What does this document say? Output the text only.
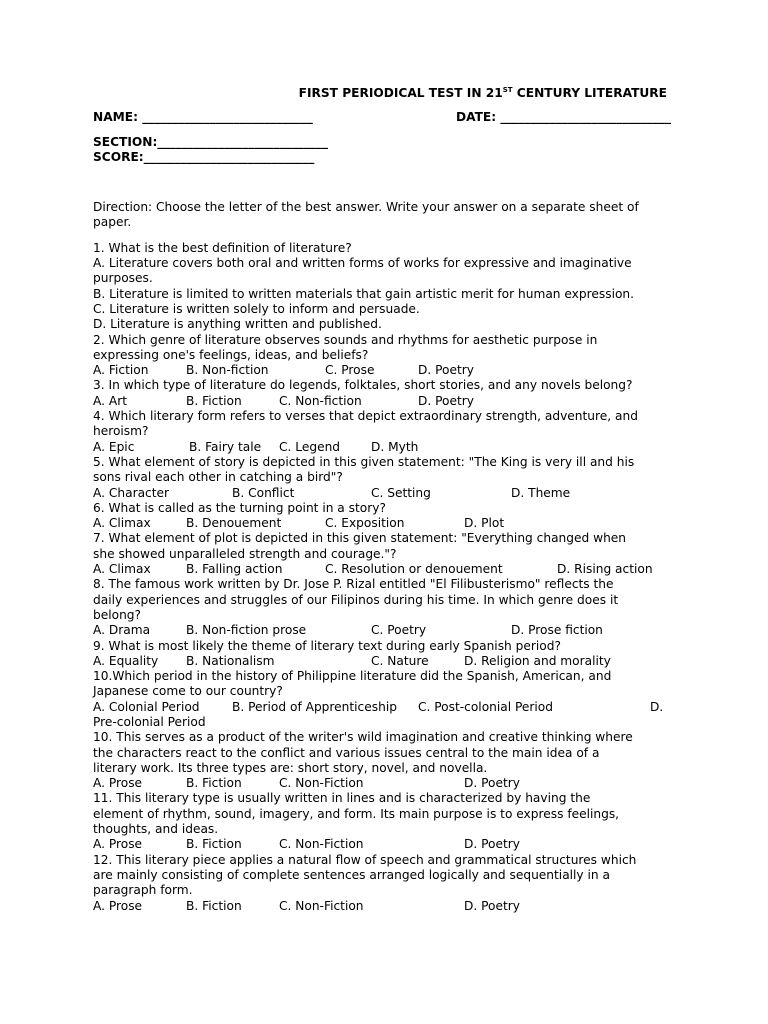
FIRST PERIODICAL TEST IN 21ST CENTURY LITERATURE
NAME: ____________________________	DATE: ____________________________
SECTION:____________________________
SCORE:____________________________
Direction: Choose the letter of the best answer. Write your answer on a separate sheet of paper.
1. What is the best definition of literature?
A. Literature covers both oral and written forms of works for expressive and imaginative purposes.
B. Literature is limited to written materials that gain artistic merit for human expression.
C. Literature is written solely to inform and persuade.
D. Literature is anything written and published.
2. Which genre of literature observes sounds and rhythms for aesthetic purpose in
expressing one's feelings, ideas, and beliefs?
A. Fiction	B. Non-fiction	C. Prose	D. Poetry
3. In which type of literature do legends, folktales, short stories, and any novels belong?
A. Art	B. Fiction	C. Non-fiction	D. Poetry
4. Which literary form refers to verses that depict extraordinary strength, adventure, and
heroism?
A. Epic	B. Fairy tale C. Legend	D. Myth
5. What element of story is depicted in this given statement: "The King is very ill and his
sons rival each other in catching a bird"?
A. Character	B. Conflict	C. Setting	D. Theme
6. What is called as the turning point in a story?
A. Climax	B. Denouement	C. Exposition	D. Plot
7. What element of plot is depicted in this given statement: "Everything changed when
she showed unparalleled strength and courage."?
A. Climax	B. Falling action	C. Resolution or denouement	D. Rising action
8. The famous work written by Dr. Jose P. Rizal entitled "El Filibusterismo" reflects the
daily experiences and struggles of our Filipinos during his time. In which genre does it
belong?
A. Drama	B. Non-fiction prose	C. Poetry	D. Prose fiction
9. What is most likely the theme of literary text during early Spanish period?
A. Equality B. Nationalism	C. Nature	D. Religion and morality
10.Which period in the history of Philippine literature did the Spanish, American, and
Japanese come to our country?
A. Colonial Period	B. Period of Apprenticeship C. Post-colonial Period	D.
Pre-colonial Period
10. This serves as a product of the writer's wild imagination and creative thinking where
the characters react to the conflict and various issues central to the main idea of a
literary work. Its three types are: short story, novel, and novella.
A. Prose	B. Fiction	C. Non-Fiction	D. Poetry
11. This literary type is usually written in lines and is characterized by having the
element of rhythm, sound, imagery, and form. Its main purpose is to express feelings,
thoughts, and ideas.
A. Prose	B. Fiction	C. Non-Fiction	D. Poetry
12. This literary piece applies a natural flow of speech and grammatical structures which
are mainly consisting of complete sentences arranged logically and sequentially in a
paragraph form.
A. Prose	B. Fiction	C. Non-Fiction	D. Poetry
